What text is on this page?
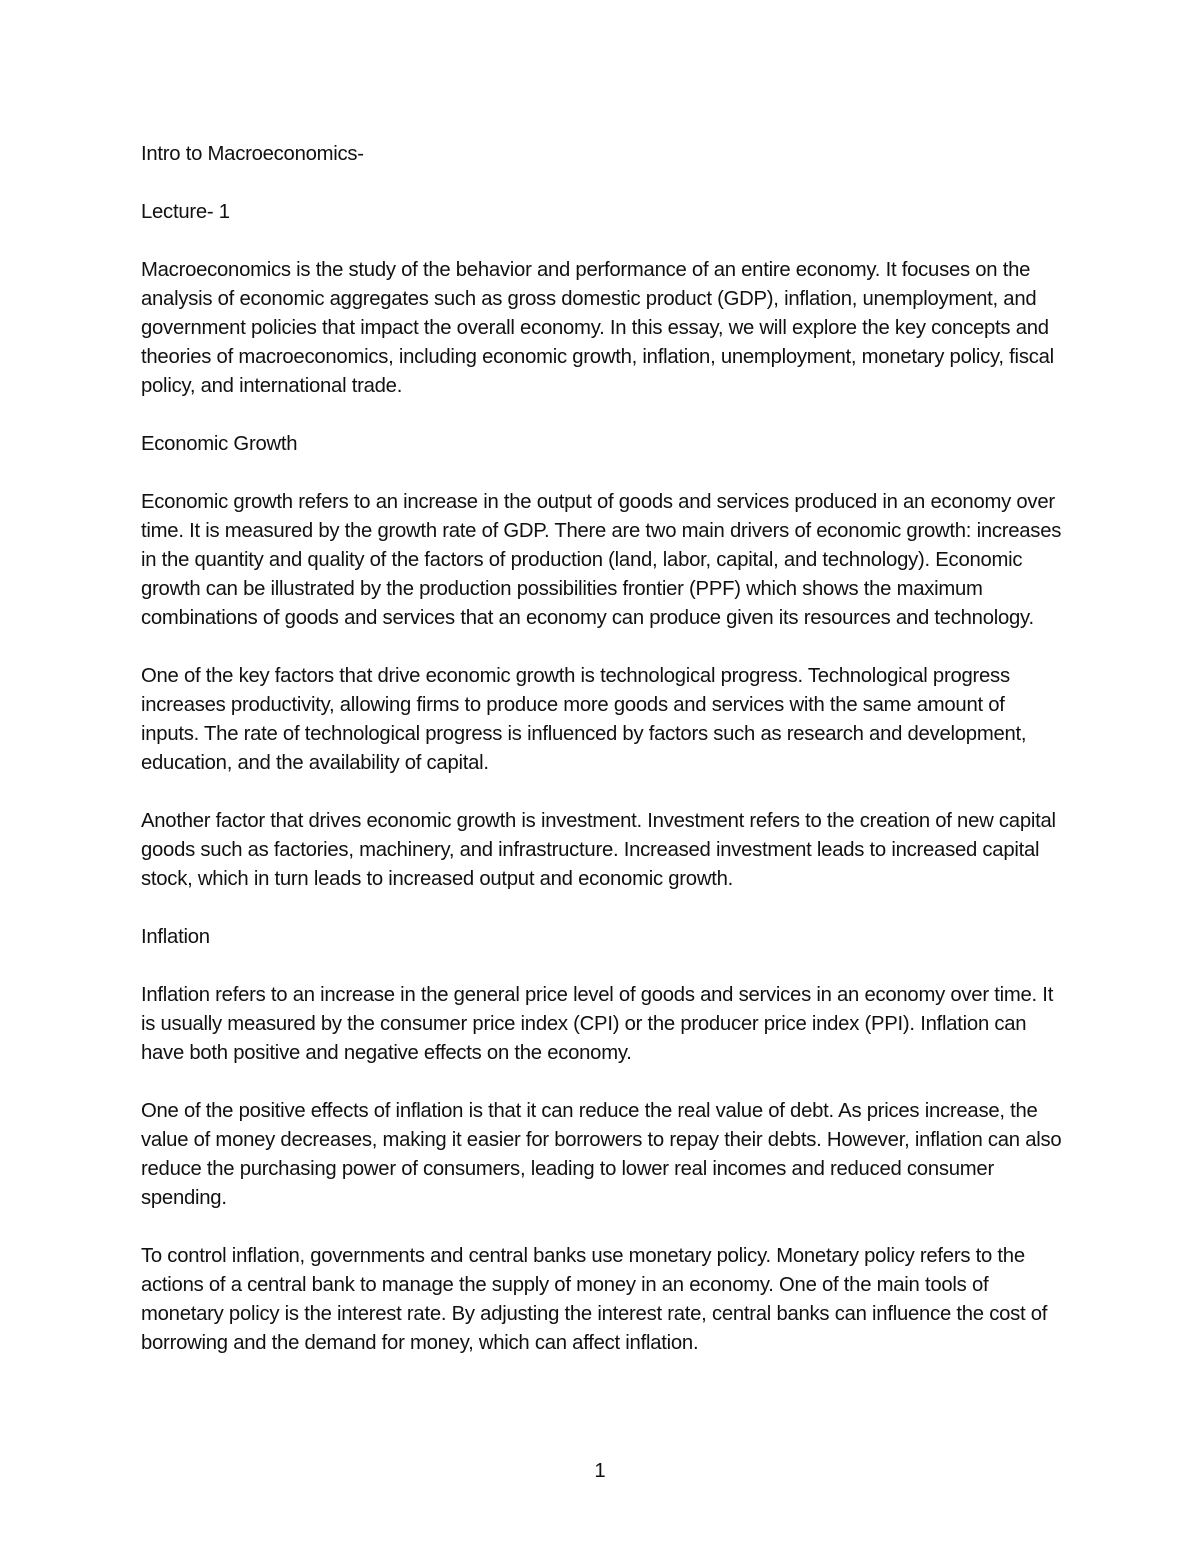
Intro to Macroeconomics-

Lecture- 1

Macroeconomics is the study of the behavior and performance of an entire economy. It focuses on the analysis of economic aggregates such as gross domestic product (GDP), inflation, unemployment, and government policies that impact the overall economy. In this essay, we will explore the key concepts and theories of macroeconomics, including economic growth, inflation, unemployment, monetary policy, fiscal policy, and international trade.

Economic Growth

Economic growth refers to an increase in the output of goods and services produced in an economy over time. It is measured by the growth rate of GDP. There are two main drivers of economic growth: increases in the quantity and quality of the factors of production (land, labor, capital, and technology). Economic growth can be illustrated by the production possibilities frontier (PPF) which shows the maximum combinations of goods and services that an economy can produce given its resources and technology.

One of the key factors that drive economic growth is technological progress. Technological progress increases productivity, allowing firms to produce more goods and services with the same amount of inputs. The rate of technological progress is influenced by factors such as research and development, education, and the availability of capital.

Another factor that drives economic growth is investment. Investment refers to the creation of new capital goods such as factories, machinery, and infrastructure. Increased investment leads to increased capital stock, which in turn leads to increased output and economic growth.

Inflation

Inflation refers to an increase in the general price level of goods and services in an economy over time. It is usually measured by the consumer price index (CPI) or the producer price index (PPI). Inflation can have both positive and negative effects on the economy.

One of the positive effects of inflation is that it can reduce the real value of debt. As prices increase, the value of money decreases, making it easier for borrowers to repay their debts. However, inflation can also reduce the purchasing power of consumers, leading to lower real incomes and reduced consumer spending.

To control inflation, governments and central banks use monetary policy. Monetary policy refers to the actions of a central bank to manage the supply of money in an economy. One of the main tools of monetary policy is the interest rate. By adjusting the interest rate, central banks can influence the cost of borrowing and the demand for money, which can affect inflation.

1
